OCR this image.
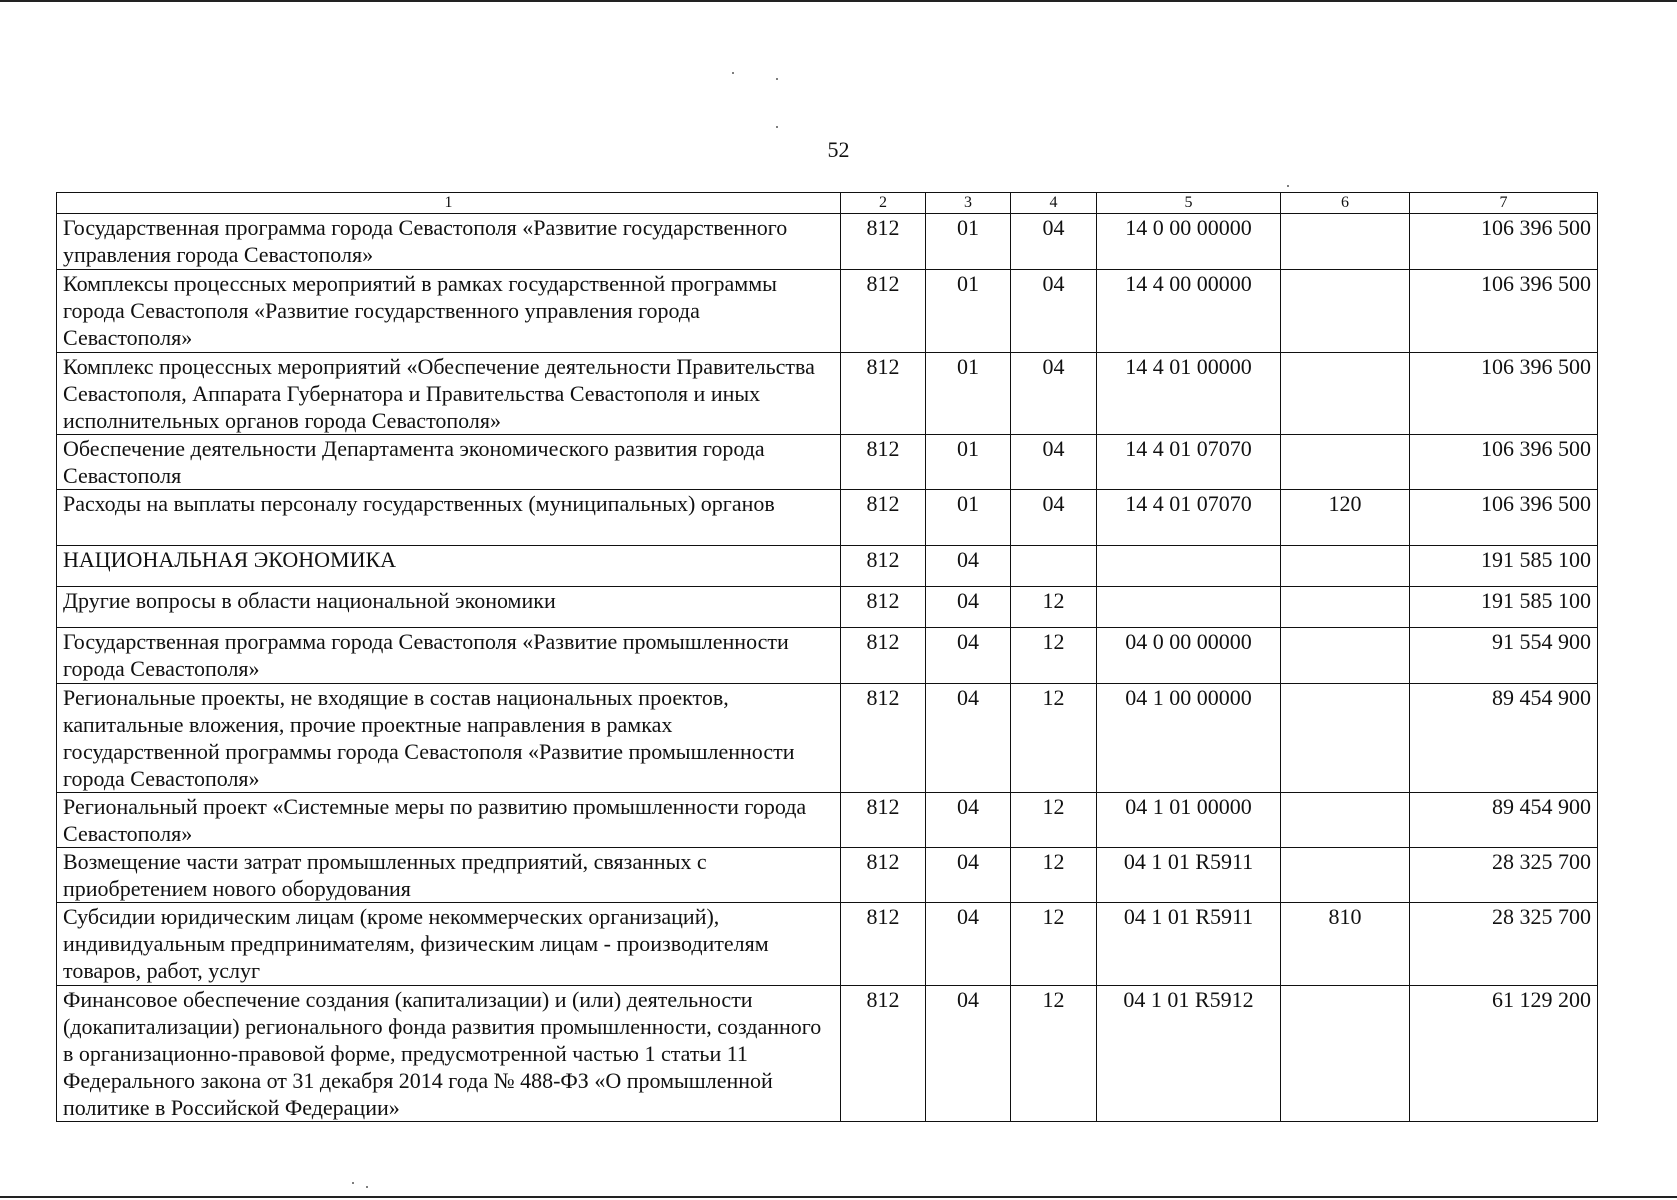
52
1	2	3	4	5	6	7
Государственная программа города Севастополя «Развитие государственного управления города Севастополя»	812	01	04	14 0 00 00000		106 396 500
Комплексы процессных мероприятий в рамках государственной программы города Севастополя «Развитие государственного управления города Севастополя»	812	01	04	14 4 00 00000		106 396 500
Комплекс процессных мероприятий «Обеспечение деятельности Правительства Севастополя, Аппарата Губернатора и Правительства Севастополя и иных исполнительных органов города Севастополя»	812	01	04	14 4 01 00000		106 396 500
Обеспечение деятельности Департамента экономического развития города Севастополя	812	01	04	14 4 01 07070		106 396 500
Расходы на выплаты персоналу государственных (муниципальных) органов	812	01	04	14 4 01 07070	120	106 396 500
НАЦИОНАЛЬНАЯ ЭКОНОМИКА	812	04				191 585 100
Другие вопросы в области национальной экономики	812	04	12			191 585 100
Государственная программа города Севастополя «Развитие промышленности города Севастополя»	812	04	12	04 0 00 00000		91 554 900
Региональные проекты, не входящие в состав национальных проектов, капитальные вложения, прочие проектные направления в рамках государственной программы города Севастополя «Развитие промышленности города Севастополя»	812	04	12	04 1 00 00000		89 454 900
Региональный проект «Системные меры по развитию промышленности города Севастополя»	812	04	12	04 1 01 00000		89 454 900
Возмещение части затрат промышленных предприятий, связанных с приобретением нового оборудования	812	04	12	04 1 01 R5911		28 325 700
Субсидии юридическим лицам (кроме некоммерческих организаций), индивидуальным предпринимателям, физическим лицам - производителям товаров, работ, услуг	812	04	12	04 1 01 R5911	810	28 325 700
Финансовое обеспечение создания (капитализации) и (или) деятельности (докапитализации) регионального фонда развития промышленности, созданного в организационно-правовой форме, предусмотренной частью 1 статьи 11 Федерального закона от 31 декабря 2014 года № 488-ФЗ «О промышленной политике в Российской Федерации»	812	04	12	04 1 01 R5912		61 129 200
